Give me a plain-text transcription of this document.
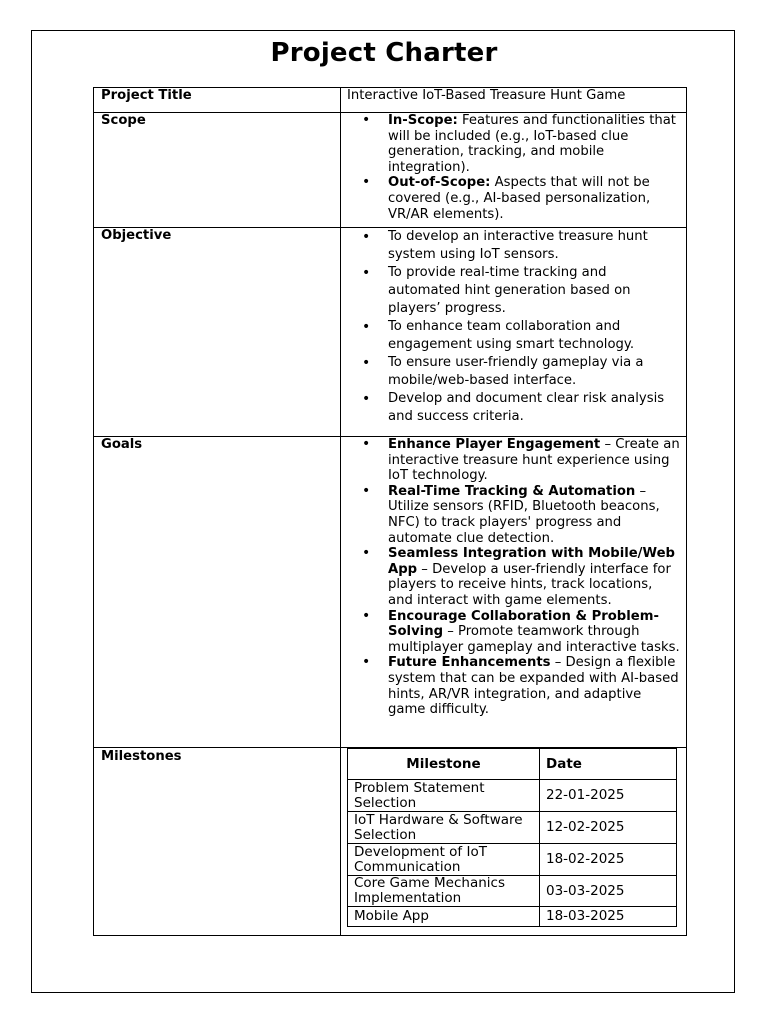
Project Charter
Project Title	Interactive IoT-Based Treasure Hunt Game
Scope	
•In-Scope: Features and functionalities that will be included (e.g., IoT-based clue generation, tracking, and mobile integration).
• Out-of-Scope: Aspects that will not be covered (e.g., AI-based personalization, VR/AR elements).

Objective	
•To develop an interactive treasure hunt system using IoT sensors.
• To provide real-time tracking and automated hint generation based on players’ progress.
• To enhance team collaboration and engagement using smart technology.
• To ensure user-friendly gameplay via a mobile/web-based interface.
• Develop and document clear risk analysis and success criteria.

Goals	
•Enhance Player Engagement – Create an interactive treasure hunt experience using IoT technology.
• Real-Time Tracking & Automation – Utilize sensors (RFID, Bluetooth beacons, NFC) to track players' progress and automate clue detection.
• Seamless Integration with Mobile/Web App – Develop a user-friendly interface for players to receive hints, track locations, and interact with game elements.
• Encourage Collaboration & Problem-Solving – Promote teamwork through multiplayer gameplay and interactive tasks.
• Future Enhancements – Design a flexible system that can be expanded with AI-based hints, AR/VR integration, and adaptive game difficulty.

Milestones		Milestone	Date
Problem Statement Selection	22-01-2025
IoT Hardware & Software Selection	12-02-2025
Development of IoT Communication	18-02-2025
Core Game Mechanics Implementation	03-03-2025
Mobile App	18-03-2025
